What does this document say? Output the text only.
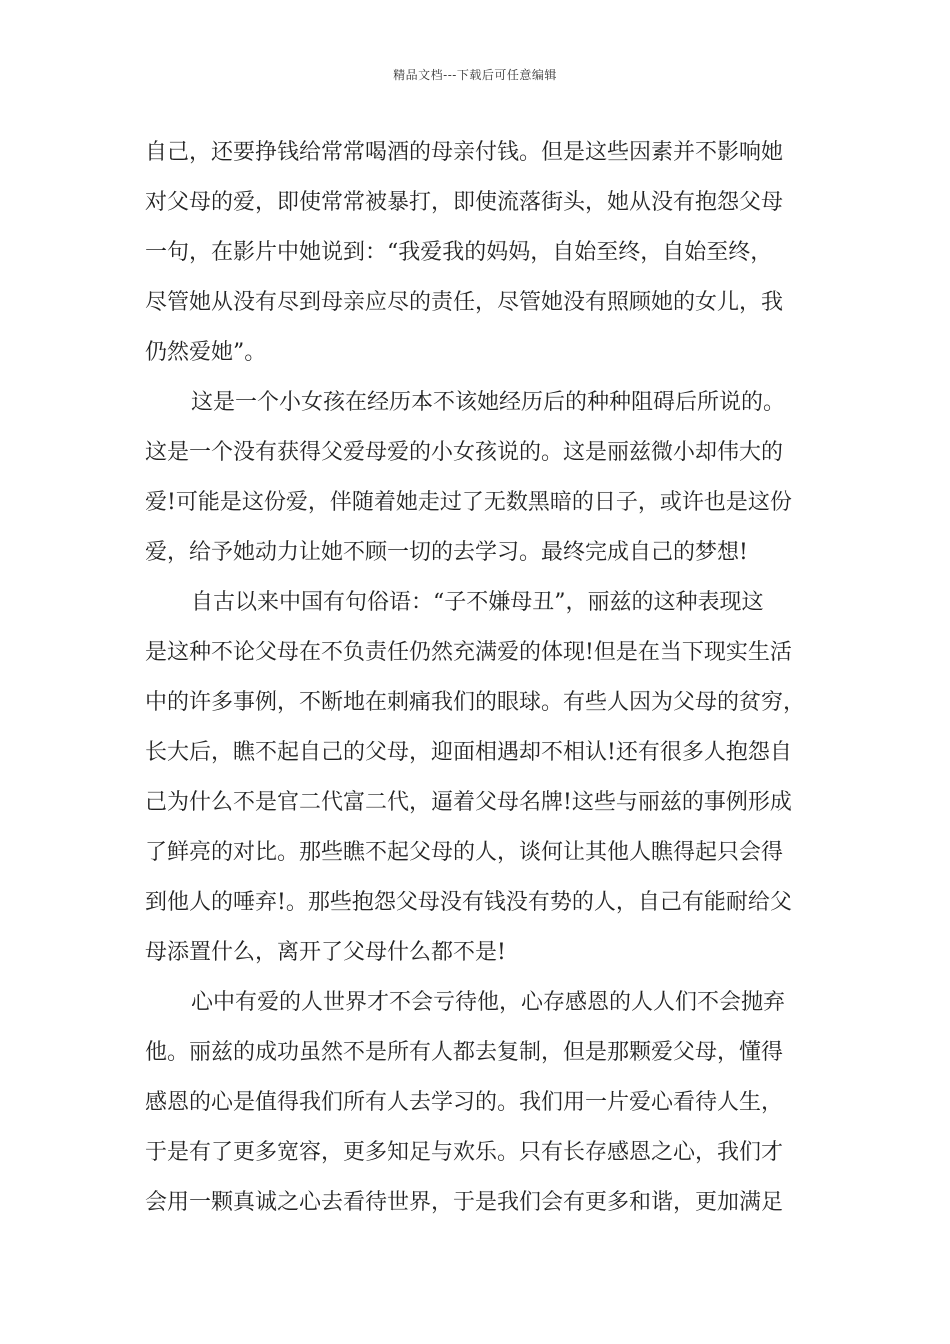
精品文档---下载后可任意编辑
自己，还要挣钱给常常喝酒的母亲付钱。但是这些因素并不影响她
对父母的爱，即使常常被暴打，即使流落街头，她从没有抱怨父母
一句，在影片中她说到：“我爱我的妈妈，自始至终，自始至终，
尽管她从没有尽到母亲应尽的责任，尽管她没有照顾她的女儿，我
仍然爱她”。
这是一个小女孩在经历本不该她经历后的种种阻碍后所说的。
这是一个没有获得父爱母爱的小女孩说的。这是丽兹微小却伟大的
爱!可能是这份爱，伴随着她走过了无数黑暗的日子，或许也是这份
爱，给予她动力让她不顾一切的去学习。最终完成自己的梦想!
自古以来中国有句俗语：“子不嫌母丑”，丽兹的这种表现这
是这种不论父母在不负责任仍然充满爱的体现!但是在当下现实生活
中的许多事例，不断地在刺痛我们的眼球。有些人因为父母的贫穷，
长大后，瞧不起自己的父母，迎面相遇却不相认!还有很多人抱怨自
己为什么不是官二代富二代，逼着父母名牌!这些与丽兹的事例形成
了鲜亮的对比。那些瞧不起父母的人，谈何让其他人瞧得起只会得
到他人的唾弃!。那些抱怨父母没有钱没有势的人，自己有能耐给父
母添置什么，离开了父母什么都不是!
心中有爱的人世界才不会亏待他，心存感恩的人人们不会抛弃
他。丽兹的成功虽然不是所有人都去复制，但是那颗爱父母，懂得
感恩的心是值得我们所有人去学习的。我们用一片爱心看待人生，
于是有了更多宽容，更多知足与欢乐。只有长存感恩之心，我们才
会用一颗真诚之心去看待世界，于是我们会有更多和谐，更加满足
